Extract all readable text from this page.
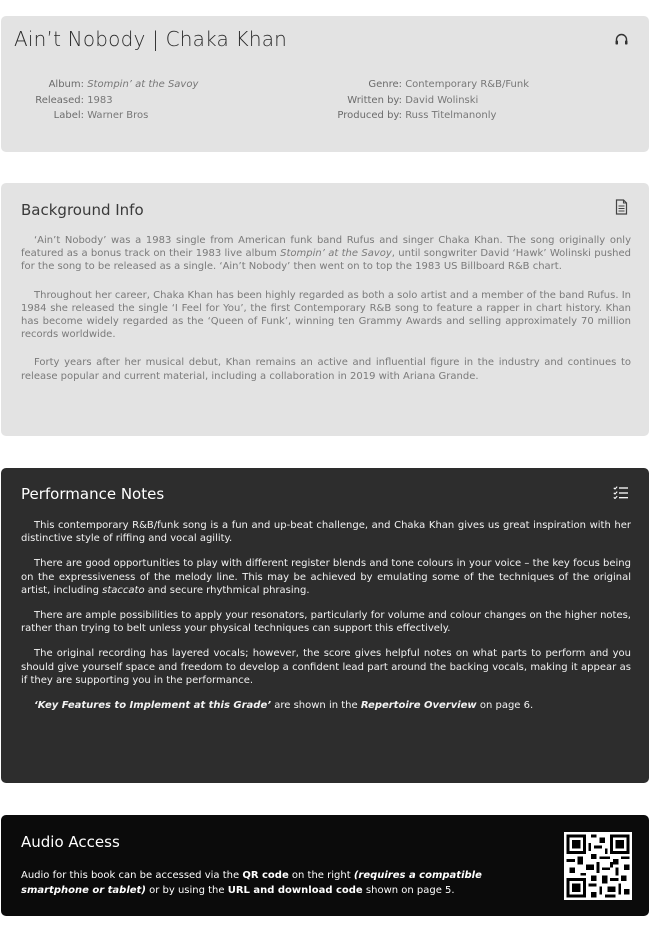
Ain’t Nobody | Chaka Khan
Album: Stompin’ at the Savoy
Released: 1983
Label: Warner Bros
Genre: Contemporary R&B/Funk
Written by: David Wolinski
Produced by: Russ Titelmanonly
Background Info

‘Ain’t Nobody’ was a 1983 single from American funk band Rufus and singer Chaka Khan. The song originally only featured as a bonus track on their 1983 live album Stompin’ at the Savoy, until songwriter David ‘Hawk’ Wolinski pushed for the song to be released as a single. ‘Ain’t Nobody’ then went on to top the 1983 US Billboard R&B chart.

Throughout her career, Chaka Khan has been highly regarded as both a solo artist and a member of the band Rufus. In 1984 she released the single ‘I Feel for You’, the first Contemporary R&B song to feature a rapper in chart history. Khan has become widely regarded as the ‘Queen of Funk’, winning ten Grammy Awards and selling approximately 70 million records worldwide.

Forty years after her musical debut, Khan remains an active and influential figure in the industry and continues to release popular and current material, including a collaboration in 2019 with Ariana Grande.

Performance Notes

This contemporary R&B/funk song is a fun and up-beat challenge, and Chaka Khan gives us great inspiration with her distinctive style of riffing and vocal agility.

There are good opportunities to play with different register blends and tone colours in your voice – the key focus being on the expressiveness of the melody line. This may be achieved by emulating some of the techniques of the original artist, including staccato and secure rhythmical phrasing.

There are ample possibilities to apply your resonators, particularly for volume and colour changes on the higher notes, rather than trying to belt unless your physical techniques can support this effectively.

The original recording has layered vocals; however, the score gives helpful notes on what parts to perform and you should give yourself space and freedom to develop a confident lead part around the backing vocals, making it appear as if they are supporting you in the performance.

‘Key Features to Implement at this Grade’ are shown in the Repertoire Overview on page 6.

Audio Access
Audio for this book can be accessed via the QR code on the right (requires a compatible smartphone or tablet) or by using the URL and download code shown on page 5.
